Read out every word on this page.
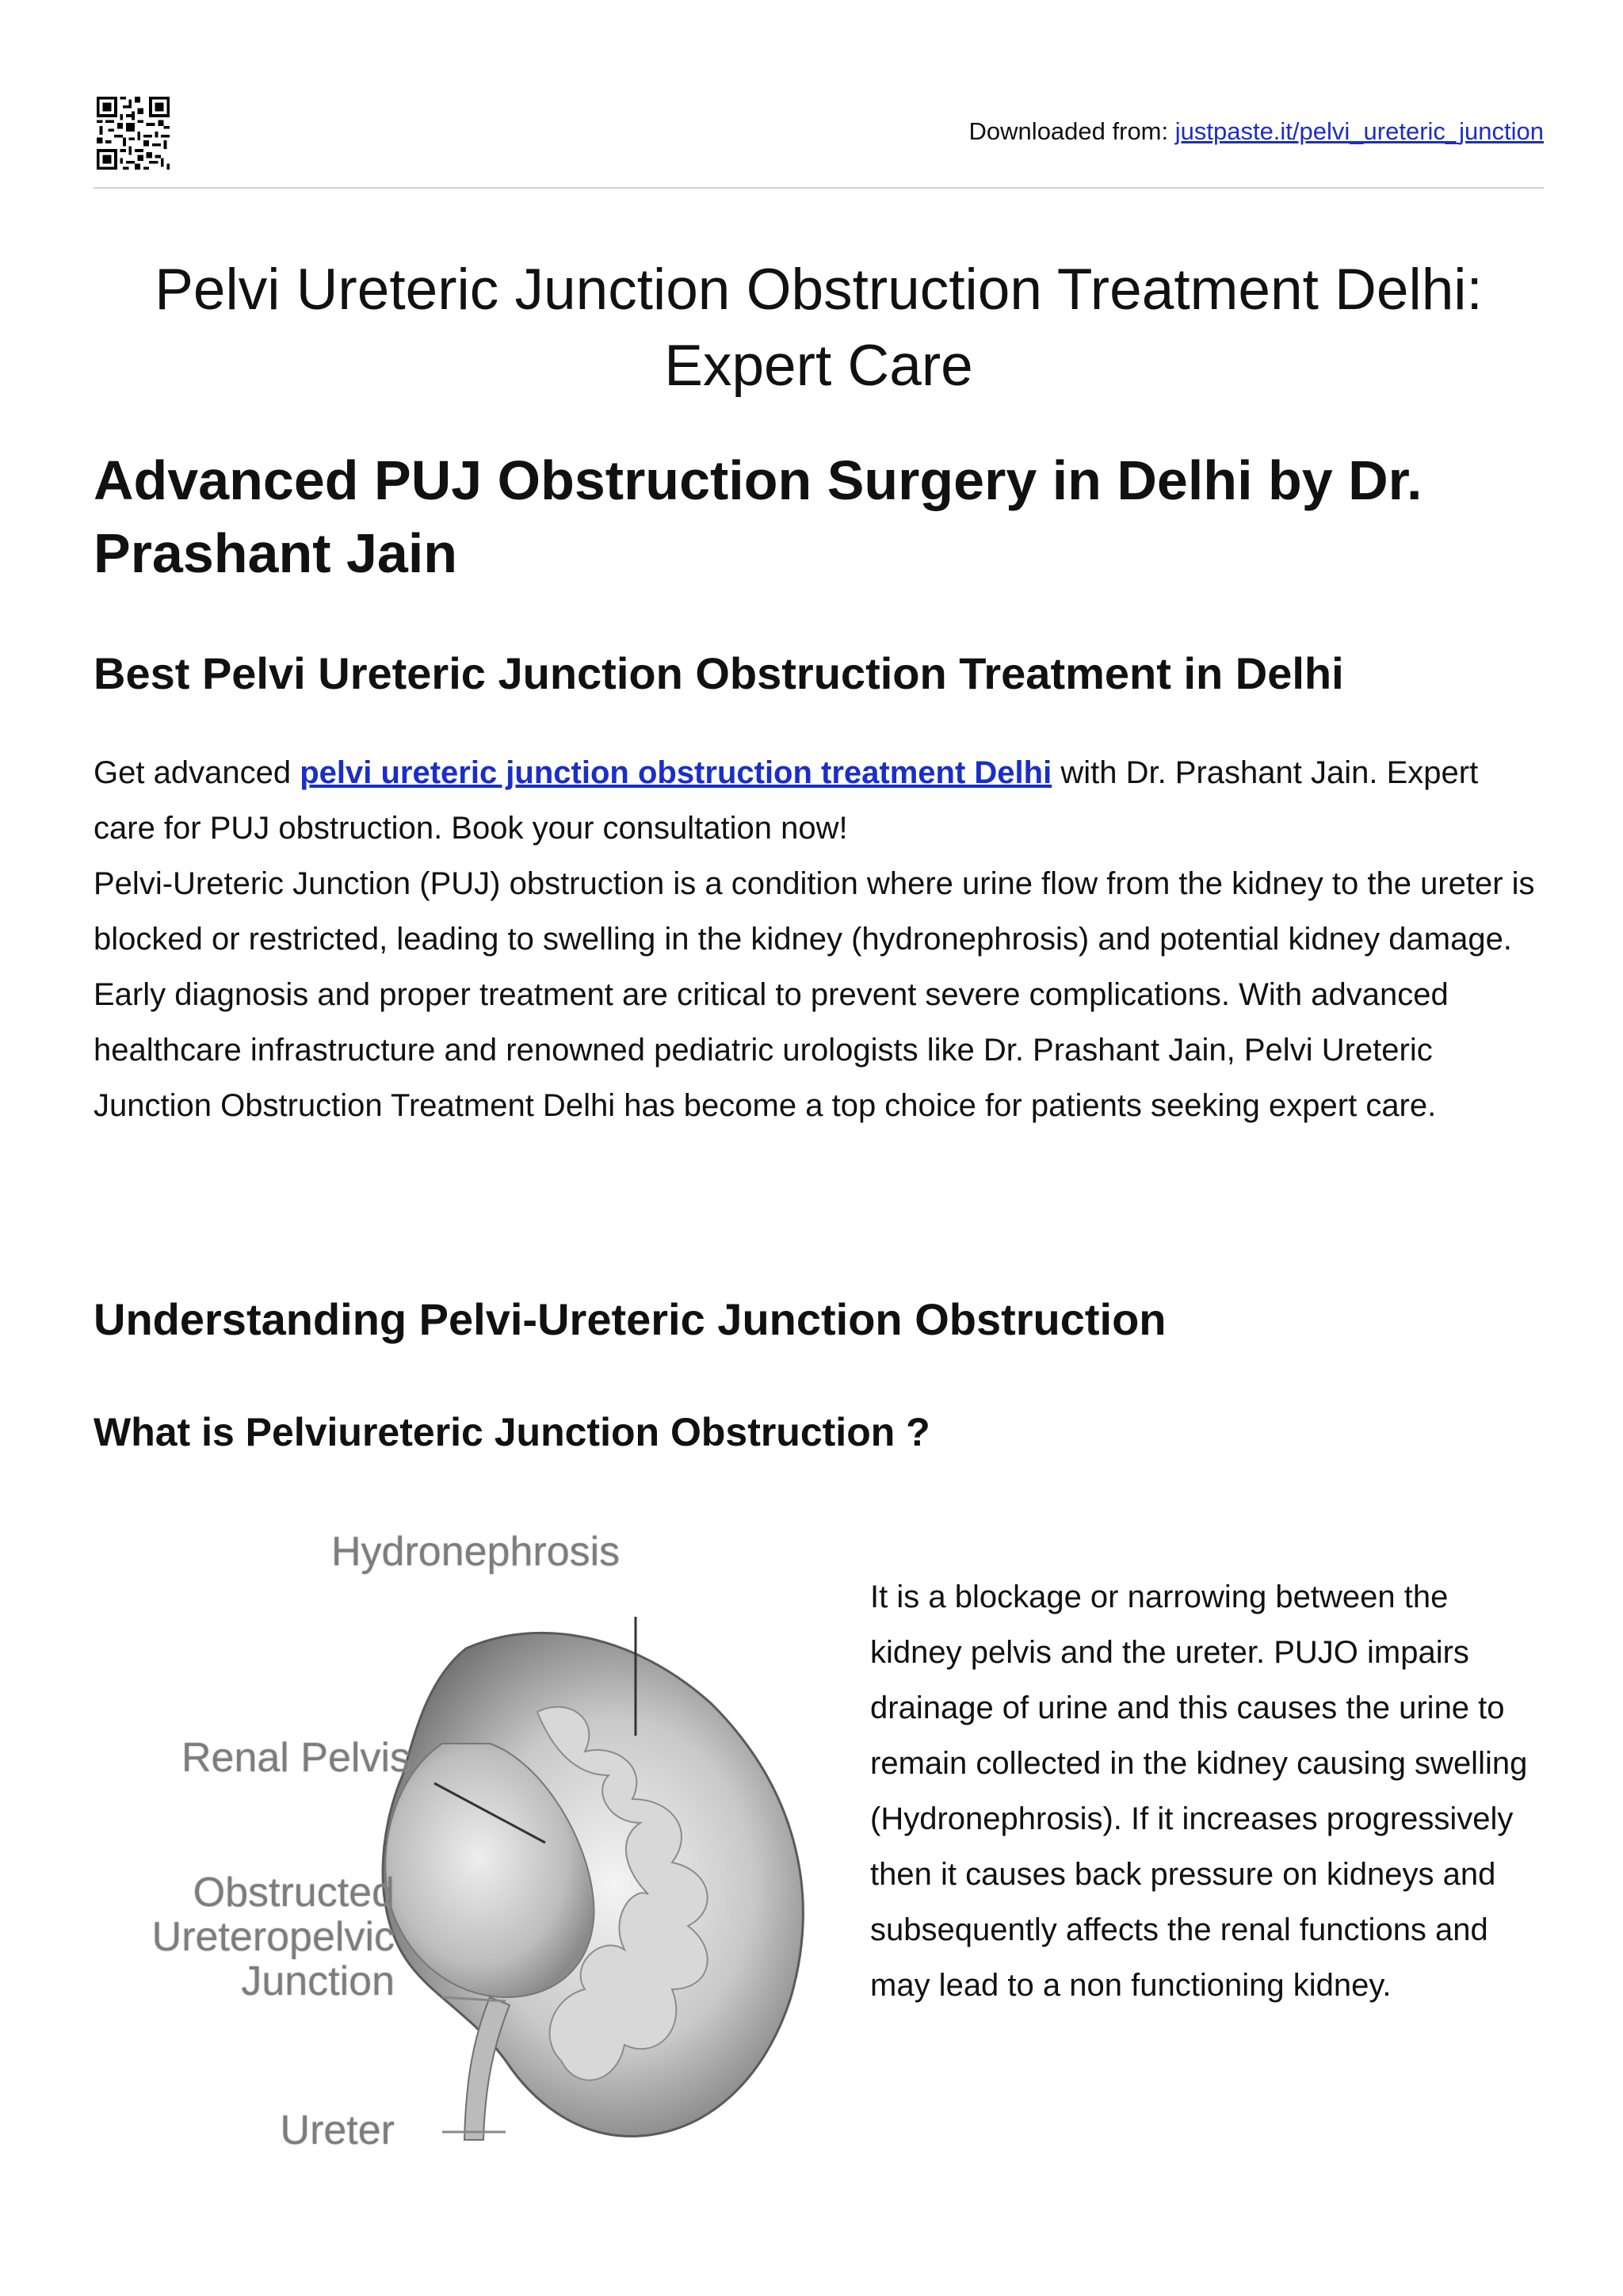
Downloaded from: justpaste.it/pelvi_ureteric_junction
Pelvi Ureteric Junction Obstruction Treatment Delhi:
Expert Care
Advanced PUJ Obstruction Surgery in Delhi by Dr. Prashant Jain
Best Pelvi Ureteric Junction Obstruction Treatment in Delhi

Get advanced pelvi ureteric junction obstruction treatment Delhi with Dr. Prashant Jain. Expert care for PUJ obstruction. Book your consultation now!
Pelvi-Ureteric Junction (PUJ) obstruction is a condition where urine flow from the kidney to the ureter is blocked or restricted, leading to swelling in the kidney (hydronephrosis) and potential kidney damage. Early diagnosis and proper treatment are critical to prevent severe complications. With advanced healthcare infrastructure and renowned pediatric urologists like Dr. Prashant Jain, Pelvi Ureteric Junction Obstruction Treatment Delhi has become a top choice for patients seeking expert care.

Understanding Pelvi-Ureteric Junction Obstruction
What is Pelviureteric Junction Obstruction ?
Hydronephrosis
Renal Pelvis
Obstructed
Ureteropelvic
Junction
Ureter

It is a blockage or narrowing between the kidney pelvis and the ureter. PUJO impairs drainage of urine and this causes the urine to remain collected in the kidney causing swelling (Hydronephrosis). If it increases progressively then it causes back pressure on kidneys and subsequently affects the renal functions and may lead to a non functioning kidney.
